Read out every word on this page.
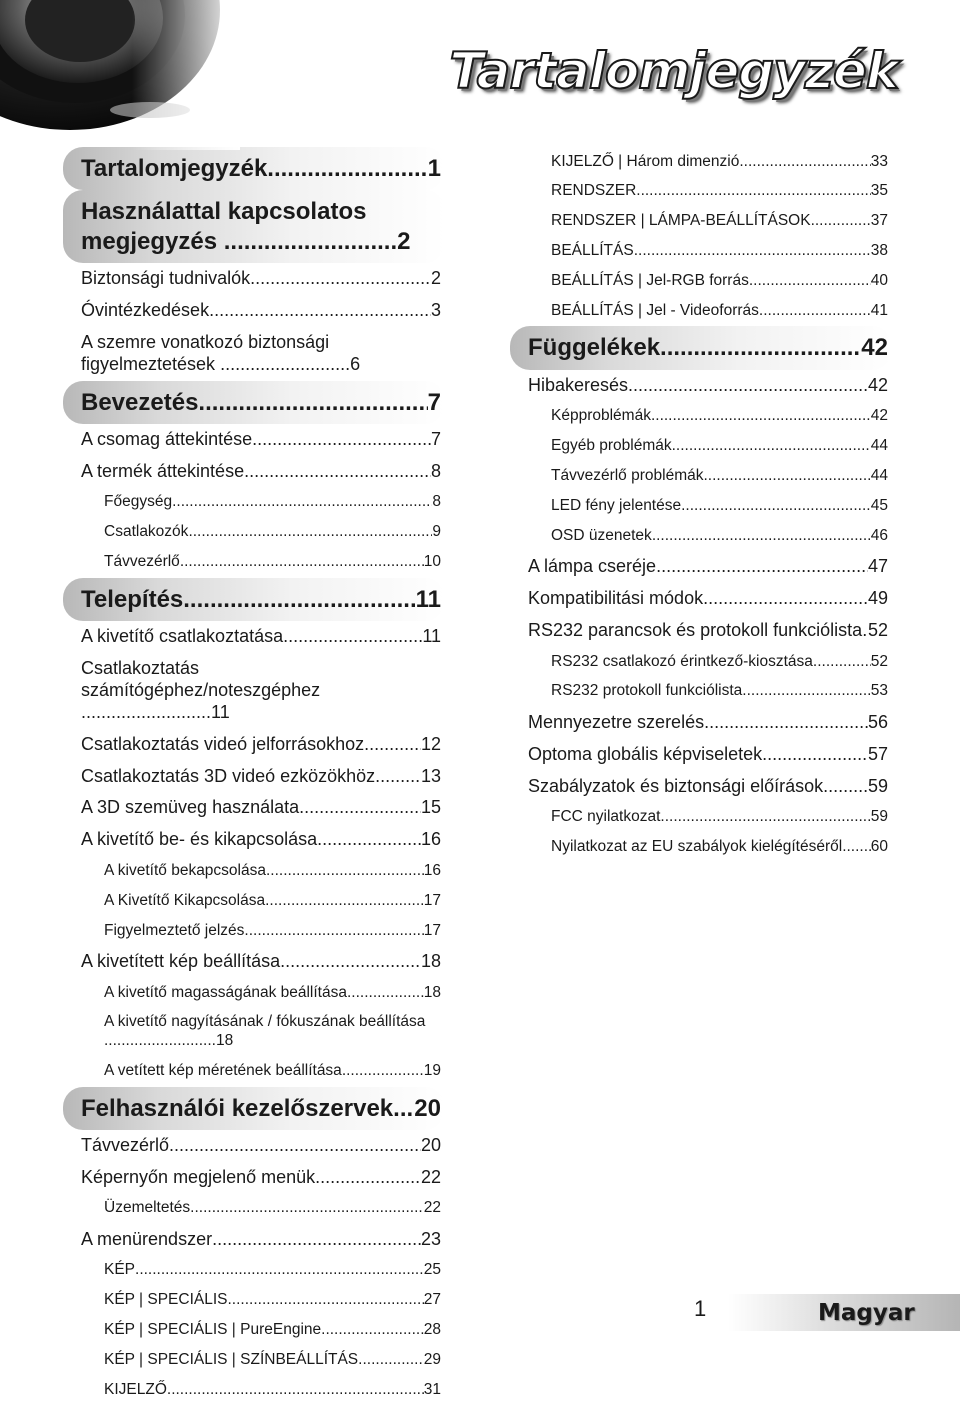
Tartalomjegyzék
Tartalomjegyzék .....	1
Használattal kapcsolatos megjegyzés ..........................2
Biztonsági tudnivalók .....	2
Óvintézkedések .....	3
A szemre vonatkozó biztonsági figyelmeztetések ..........................6
Bevezetés .....	7
A csomag áttekintése .....	7
A termék áttekintése .....	8
Főegység .....	8
Csatlakozók .....	9
Távvezérlő .....	10
Telepítés .....	11
A kivetítő csatlakoztatása .....	11
Csatlakoztatás számítógéphez/noteszgéphez ..........................11
Csatlakoztatás videó jelforrásokhoz .....	12
Csatlakoztatás 3D videó ezközökhöz .....	13
A 3D szemüveg használata .....	15
A kivetítő be- és kikapcsolása .....	16
A kivetítő bekapcsolása .....	16
A Kivetítő Kikapcsolása .....	17
Figyelmeztető jelzés .....	17
A kivetített kép beállítása .....	18
A kivetítő magasságának beállítása .....	18
A kivetítő nagyításának / fókuszának beállítása ..........................18
A vetített kép méretének beállítása .....	19
Felhasználói kezelőszervek ..... 20
Távvezérlő .....	20
Képernyőn megjelenő menük .....	22
Üzemeltetés .....	22
A menürendszer .....	23
KÉP .....	25
KÉP | SPECIÁLIS .....	27
KÉP | SPECIÁLIS | PureEngine .....	28
KÉP | SPECIÁLIS | SZÍNBEÁLLÍTÁS .....	29
KIJELZŐ .....	31
KIJELZŐ | Három dimenzió .....	33
RENDSZER .....	35
RENDSZER | LÁMPA-BEÁLLÍTÁSOK .....	37
BEÁLLÍTÁS .....	38
BEÁLLÍTÁS | Jel-RGB forrás .....	40
BEÁLLÍTÁS | Jel - Videoforrás .....	41
Függelékek .....	42
Hibakeresés .....	42
Képproblémák .....	42
Egyéb problémák .....	44
Távvezérlő problémák .....	44
LED fény jelentése .....	45
OSD üzenetek .....	46
A lámpa cseréje .....	47
Kompatibilitási módok .....	49
RS232 parancsok és protokoll funkciólista ..... 52
RS232 csatlakozó érintkező-kiosztása .....	52
RS232 protokoll funkciólista .....	53
Mennyezetre szerelés .....	56
Optoma globális képviseletek .....	57
Szabályzatok és biztonsági előírások ..... 59
FCC nyilatkozat .....	59
Nyilatkozat az EU szabályok kielégítéséről ..... 60
1	Magyar
